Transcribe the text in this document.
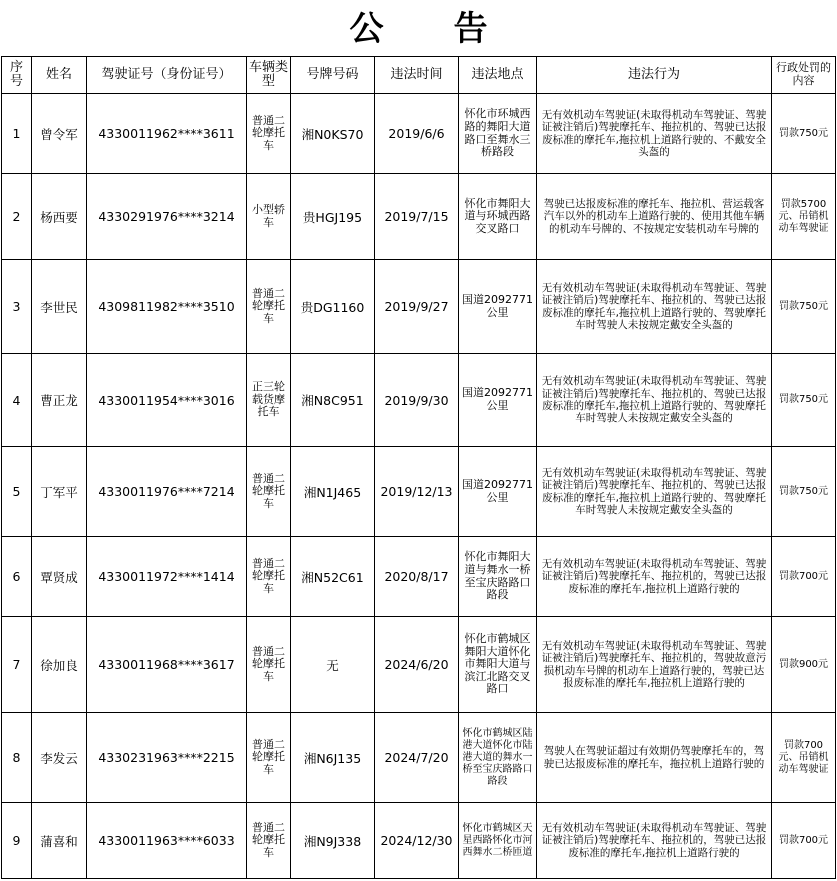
公 告
序号	姓名	驾驶证号（身份证号）	车辆类型	号牌号码	违法时间	违法地点	违法行为	行政处罚的内容
1	曾令军	4330011962****3611	普通二轮摩托车	湘N0KS70	2019/6/6	怀化市环城西路的舞阳大道路口至舞水三桥路段	无有效机动车驾驶证(未取得机动车驾驶证、驾驶证被注销后)驾驶摩托车、拖拉机的、驾驶已达报废标准的摩托车,拖拉机上道路行驶的、不戴安全头盔的	罚款750元
2	杨西要	4330291976****3214	小型轿车	贵HGJ195	2019/7/15	怀化市舞阳大道与环城西路交叉路口	驾驶已达报废标准的摩托车、拖拉机、营运载客汽车以外的机动车上道路行驶的、使用其他车辆的机动车号牌的、不按规定安装机动车号牌的	罚款5700元、吊销机动车驾驶证
3	李世民	4309811982****3510	普通二轮摩托车	贵DG1160	2019/9/27	国道2092771公里	无有效机动车驾驶证(未取得机动车驾驶证、驾驶证被注销后)驾驶摩托车、拖拉机的、驾驶已达报废标准的摩托车,拖拉机上道路行驶的、驾驶摩托车时驾驶人未按规定戴安全头盔的	罚款750元
4	曹正龙	4330011954****3016	正三轮载货摩托车	湘N8C951	2019/9/30	国道2092771公里	无有效机动车驾驶证(未取得机动车驾驶证、驾驶证被注销后)驾驶摩托车、拖拉机的、驾驶已达报废标准的摩托车,拖拉机上道路行驶的、驾驶摩托车时驾驶人未按规定戴安全头盔的	罚款750元
5	丁军平	4330011976****7214	普通二轮摩托车	湘N1J465	2019/12/13	国道2092771公里	无有效机动车驾驶证(未取得机动车驾驶证、驾驶证被注销后)驾驶摩托车、拖拉机的、驾驶已达报废标准的摩托车,拖拉机上道路行驶的、驾驶摩托车时驾驶人未按规定戴安全头盔的	罚款750元
6	覃贤成	4330011972****1414	普通二轮摩托车	湘N52C61	2020/8/17	怀化市舞阳大道与舞水一桥至宝庆路路口路段	无有效机动车驾驶证(未取得机动车驾驶证、驾驶证被注销后)驾驶摩托车、拖拉机的，驾驶已达报废标准的摩托车,拖拉机上道路行驶的	罚款700元
7	徐加良	4330011968****3617	普通二轮摩托车	无	2024/6/20	怀化市鹤城区舞阳大道怀化市舞阳大道与滨江北路交叉路口	无有效机动车驾驶证(未取得机动车驾驶证、驾驶证被注销后)驾驶摩托车、拖拉机的，驾驶故意污损机动车号牌的机动车上道路行驶的，驾驶已达报废标准的摩托车,拖拉机上道路行驶的	罚款900元
8	李发云	4330231963****2215	普通二轮摩托车	湘N6J135	2024/7/20	怀化市鹤城区陆港大道怀化市陆港大道的舞水一桥至宝庆路路口路段	驾驶人在驾驶证超过有效期仍驾驶摩托车的，驾驶已达报废标准的摩托车，拖拉机上道路行驶的	罚款700元、吊销机动车驾驶证
9	蒲喜和	4330011963****6033	普通二轮摩托车	湘N9J338	2024/12/30	怀化市鹤城区天星西路怀化市河西舞水二桥匝道	无有效机动车驾驶证(未取得机动车驾驶证、驾驶证被注销后)驾驶摩托车、拖拉机的，驾驶已达报废标准的摩托车,拖拉机上道路行驶的	罚款700元
